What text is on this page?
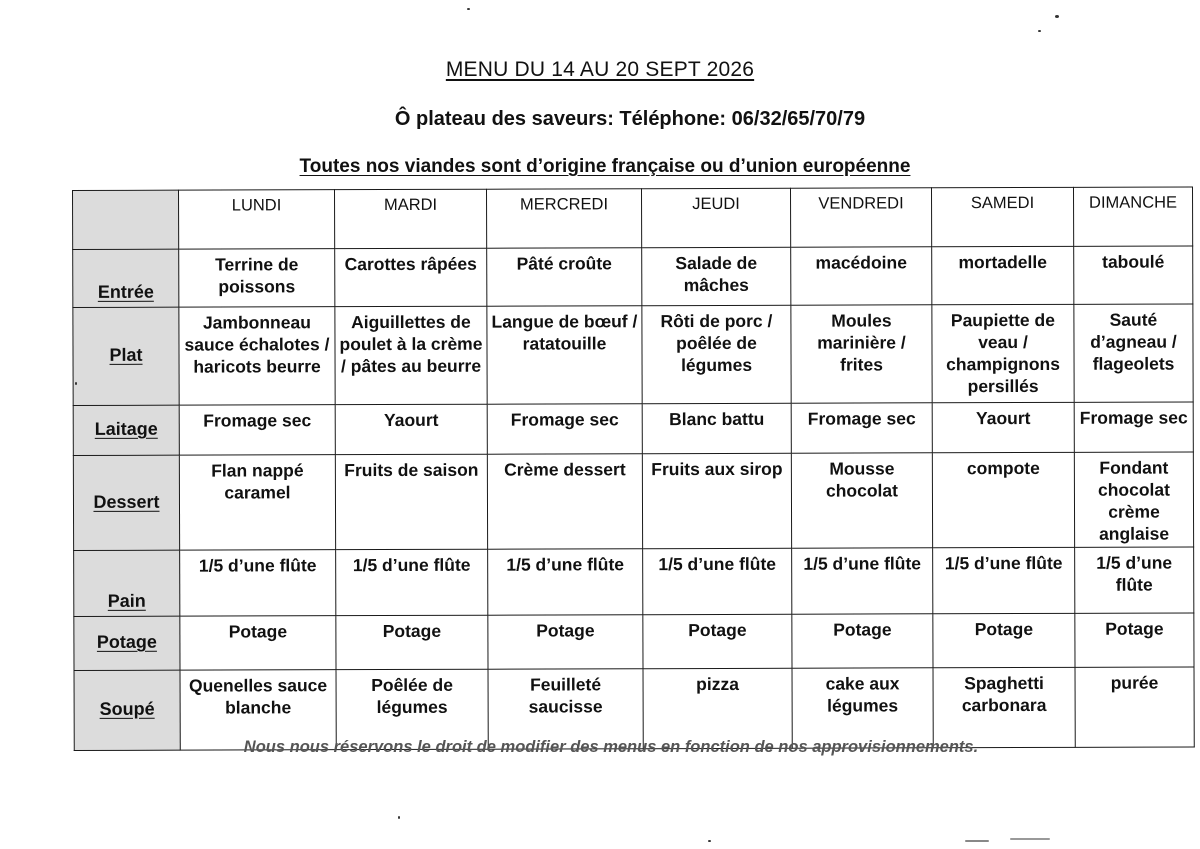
MENU DU 14 AU 20 SEPT 2026
Ô plateau des saveurs: Téléphone: 06/32/65/70/79
Toutes nos viandes sont d’origine française ou d’union européenne
	LUNDI	MARDI	MERCREDI	JEUDI	VENDREDI	SAMEDI	DIMANCHE
Entrée	Terrine de poissons	Carottes râpées	Pâté croûte	Salade de mâches	macédoine	mortadelle	taboulé
Plat	Jambonneau sauce échalotes / haricots beurre	Aiguillettes de poulet à la crème / pâtes au beurre	Langue de bœuf / ratatouille	Rôti de porc / poêlée de légumes	Moules marinière / frites	Paupiette de veau / champignons persillés	Sauté d’agneau / flageolets
Laitage	Fromage sec	Yaourt	Fromage sec	Blanc battu	Fromage sec	Yaourt	Fromage sec
Dessert	Flan nappé caramel	Fruits de saison	Crème dessert	Fruits aux sirop	Mousse chocolat	compote	Fondant chocolat crème anglaise
Pain	1/5 d’une flûte	1/5 d’une flûte	1/5 d’une flûte	1/5 d’une flûte	1/5 d’une flûte	1/5 d’une flûte	1/5 d’une flûte
Potage	Potage	Potage	Potage	Potage	Potage	Potage	Potage
Soupé	Quenelles sauce blanche	Poêlée de légumes	Feuilleté saucisse	pizza	cake aux légumes	Spaghetti carbonara	purée
Nous nous réservons le droit de modifier des menus en fonction de nos approvisionnements.
